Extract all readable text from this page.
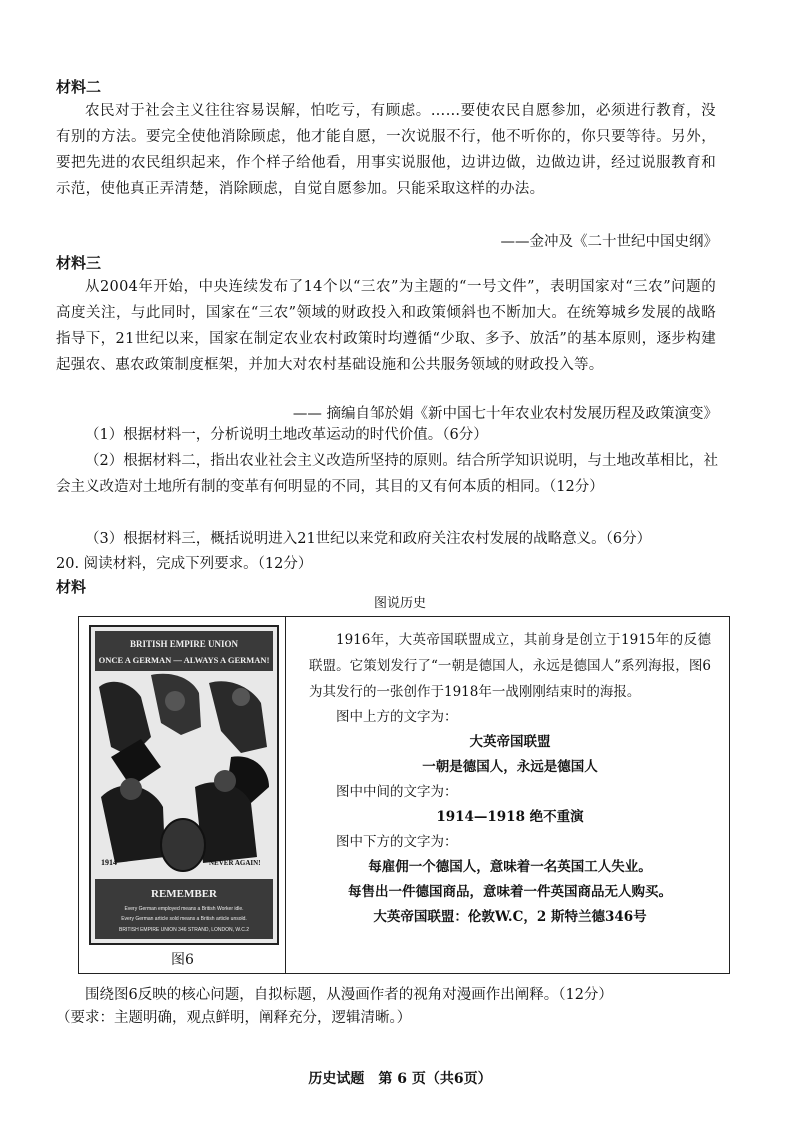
材料二
农民对于社会主义往往容易误解，怕吃亏，有顾虑。……要使农民自愿参加，必须进行教育，没有别的方法。要完全使他消除顾虑，他才能自愿，一次说服不行，他不听你的，你只要等待。另外，要把先进的农民组织起来，作个样子给他看，用事实说服他，边讲边做，边做边讲，经过说服教育和示范，使他真正弄清楚，消除顾虑，自觉自愿参加。只能采取这样的办法。
——金冲及《二十世纪中国史纲》
材料三
从2004年开始，中央连续发布了14个以“三农”为主题的“一号文件”，表明国家对“三农”问题的高度关注，与此同时，国家在“三农”领域的财政投入和政策倾斜也不断加大。在统筹城乡发展的战略指导下，21世纪以来，国家在制定农业农村政策时均遵循“少取、多予、放活”的基本原则，逐步构建起强农、惠农政策制度框架，并加大对农村基础设施和公共服务领域的财政投入等。
—— 摘编自邹於娟《新中国七十年农业农村发展历程及政策演变》
（1）根据材料一，分析说明土地改革运动的时代价值。（6分）
（2）根据材料二，指出农业社会主义改造所坚持的原则。结合所学知识说明，与土地改革相比，社会主义改造对土地所有制的变革有何明显的不同，其目的又有何本质的相同。（12分）
（3）根据材料三，概括说明进入21世纪以来党和政府关注农村发展的战略意义。（6分）
20. 阅读材料，完成下列要求。（12分）
材料
图说历史
BRITISH EMPIRE UNION
ONCE A GERMAN — ALWAYS A GERMAN!
1914	NEVER AGAIN!
REMEMBER
Every German employed means a British Worker idle.
Every German article sold means a British article unsold.
BRITISH EMPIRE UNION 346 STRAND, LONDON, W.C.2
图6

1916年，大英帝国联盟成立，其前身是创立于1915年的反德联盟。它策划发行了“一朝是德国人，永远是德国人”系列海报，图6为其发行的一张创作于1918年一战刚刚结束时的海报。

图中上方的文字为：

大英帝国联盟

一朝是德国人，永远是德国人

图中中间的文字为：

1914—1918 绝不重演

图中下方的文字为：

每雇佣一个德国人，意味着一名英国工人失业。

每售出一件德国商品，意味着一件英国商品无人购买。

大英帝国联盟：伦敦W.C，2 斯特兰德346号

围绕图6反映的核心问题，自拟标题，从漫画作者的视角对漫画作出阐释。（12分）
（要求：主题明确，观点鲜明，阐释充分，逻辑清晰。）
历史试题　第 6 页（共6页）
